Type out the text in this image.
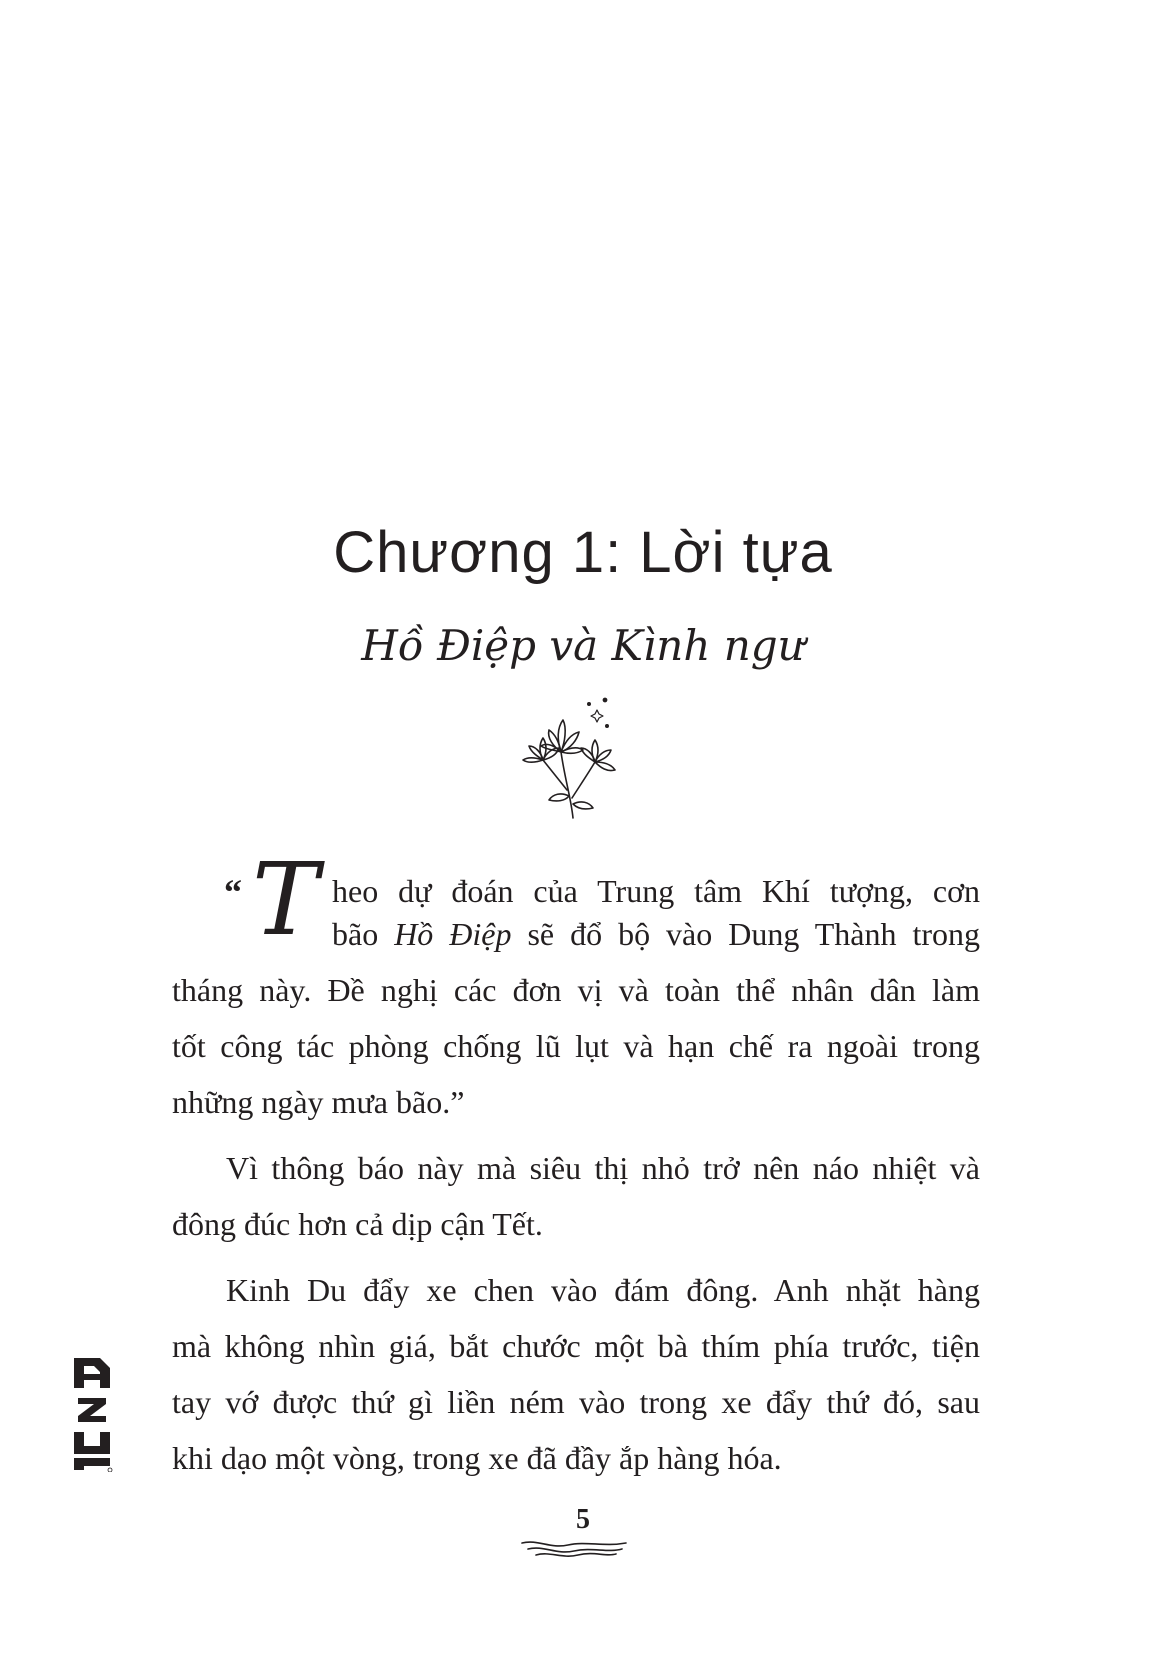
Chương 1: Lời tựa
Hồ Điệp và Kình ngư
“ T heo dự đoán của Trung tâm Khí tượng, cơn
bão Hồ Điệp sẽ đổ bộ vào Dung Thành trong
tháng này. Đề nghị các đơn vị và toàn thể nhân dân làm
tốt công tác phòng chống lũ lụt và hạn chế ra ngoài trong
những ngày mưa bão.”
Vì thông báo này mà siêu thị nhỏ trở nên náo nhiệt và
đông đúc hơn cả dịp cận Tết.
Kinh Du đẩy xe chen vào đám đông. Anh nhặt hàng
mà không nhìn giá, bắt chước một bà thím phía trước, tiện
tay vớ được thứ gì liền ném vào trong xe đẩy thứ đó, sau
khi dạo một vòng, trong xe đã đầy ắp hàng hóa.
5
